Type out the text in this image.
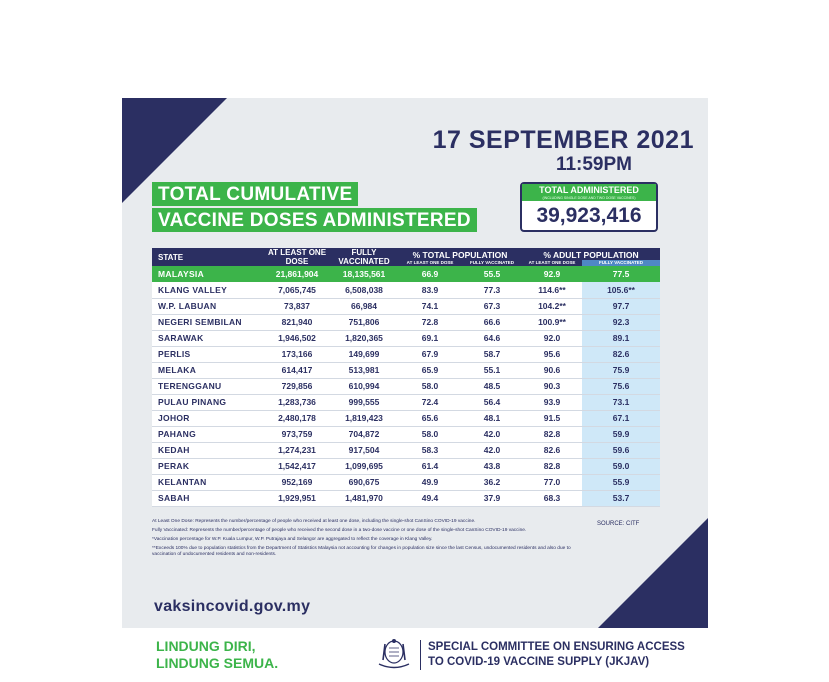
17 SEPTEMBER 2021
11:59PM
TOTAL CUMULATIVE
VACCINE DOSES ADMINISTERED
TOTAL ADMINISTERED
(INCLUDING SINGLE DOSE AND TWO DOSE VACCINES)
39,923,416
STATE	AT LEAST ONE DOSE	FULLY VACCINATED	% TOTAL POPULATION		% ADULT POPULATION	
			AT LEAST ONE DOSE	FULLY VACCINATED	AT LEAST ONE DOSE	FULLY VACCINATED
MALAYSIA	21,861,904	18,135,561	66.9	55.5	92.9	77.5
KLANG VALLEY	7,065,745	6,508,038	83.9	77.3	114.6**	105.6**
W.P. LABUAN	73,837	66,984	74.1	67.3	104.2**	97.7
NEGERI SEMBILAN	821,940	751,806	72.8	66.6	100.9**	92.3
SARAWAK	1,946,502	1,820,365	69.1	64.6	92.0	89.1
PERLIS	173,166	149,699	67.9	58.7	95.6	82.6
MELAKA	614,417	513,981	65.9	55.1	90.6	75.9
TERENGGANU	729,856	610,994	58.0	48.5	90.3	75.6
PULAU PINANG	1,283,736	999,555	72.4	56.4	93.9	73.1
JOHOR	2,480,178	1,819,423	65.6	48.1	91.5	67.1
PAHANG	973,759	704,872	58.0	42.0	82.8	59.9
KEDAH	1,274,231	917,504	58.3	42.0	82.6	59.6
PERAK	1,542,417	1,099,695	61.4	43.8	82.8	59.0
KELANTAN	952,169	690,675	49.9	36.2	77.0	55.9
SABAH	1,929,951	1,481,970	49.4	37.9	68.3	53.7

At Least One Dose: Represents the number/percentage of people who received at least one dose, including the single-shot CanSino COVID-19 vaccine.

Fully Vaccinated: Represents the number/percentage of people who received the second dose in a two-dose vaccine or one dose of the single-shot CanSino COVID-19 vaccine.

*Vaccination percentage for W.P. Kuala Lumpur, W.P. Putrajaya and Selangor are aggregated to reflect the coverage in Klang Valley.

**Exceeds 100% due to population statistics from the Department of Statistics Malaysia not accounting for changes in population size since the last Census, undocumented residents and also due to vaccination of undocumented residents and non-residents.

SOURCE: CITF
vaksincovid.gov.my
LINDUNG DIRI,
LINDUNG SEMUA.
SPECIAL COMMITTEE ON ENSURING ACCESS
TO COVID-19 VACCINE SUPPLY (JKJAV)
